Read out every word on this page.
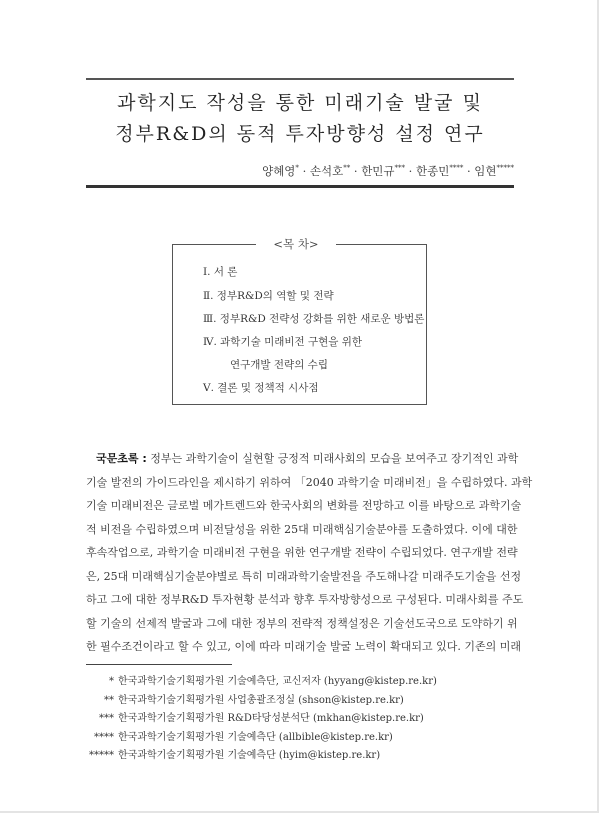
과학지도 작성을 통한 미래기술 발굴 및
정부R&D의 동적 투자방향성 설정 연구
양혜영* · 손석호** · 한민규*** · 한종민**** · 임현*****
<목 차>
Ⅰ. 서 론
Ⅱ. 정부R&D의 역할 및 전략
Ⅲ. 정부R&D 전략성 강화를 위한 새로운 방법론
Ⅳ. 과학기술 미래비전 구현을 위한
연구개발 전략의 수립
Ⅴ. 결론 및 정책적 시사점
국문초록 : 정부는 과학기술이 실현할 긍정적 미래사회의 모습을 보여주고 장기적인 과학
기술 발전의 가이드라인을 제시하기 위하여 「2040 과학기술 미래비전」을 수립하였다. 과학
기술 미래비전은 글로벌 메가트렌드와 한국사회의 변화를 전망하고 이를 바탕으로 과학기술
적 비전을 수립하였으며 비전달성을 위한 25대 미래핵심기술분야를 도출하였다. 이에 대한
후속작업으로, 과학기술 미래비전 구현을 위한 연구개발 전략이 수립되었다. 연구개발 전략
은, 25대 미래핵심기술분야별로 특히 미래과학기술발전을 주도해나갈 미래주도기술을 선정
하고 그에 대한 정부R&D 투자현황 분석과 향후 투자방향성으로 구성된다. 미래사회를 주도
할 기술의 선제적 발굴과 그에 대한 정부의 전략적 정책설정은 기술선도국으로 도약하기 위
한 필수조건이라고 할 수 있고, 이에 따라 미래기술 발굴 노력이 확대되고 있다. 기존의 미래
* 한국과학기술기획평가원 기술예측단, 교신저자 (hyyang@kistep.re.kr)
** 한국과학기술기획평가원 사업총괄조정실 (shson@kistep.re.kr)
*** 한국과학기술기획평가원 R&D타당성분석단 (mkhan@kistep.re.kr)
**** 한국과학기술기획평가원 기술예측단 (allbible@kistep.re.kr)
***** 한국과학기술기획평가원 기술예측단 (hyim@kistep.re.kr)
